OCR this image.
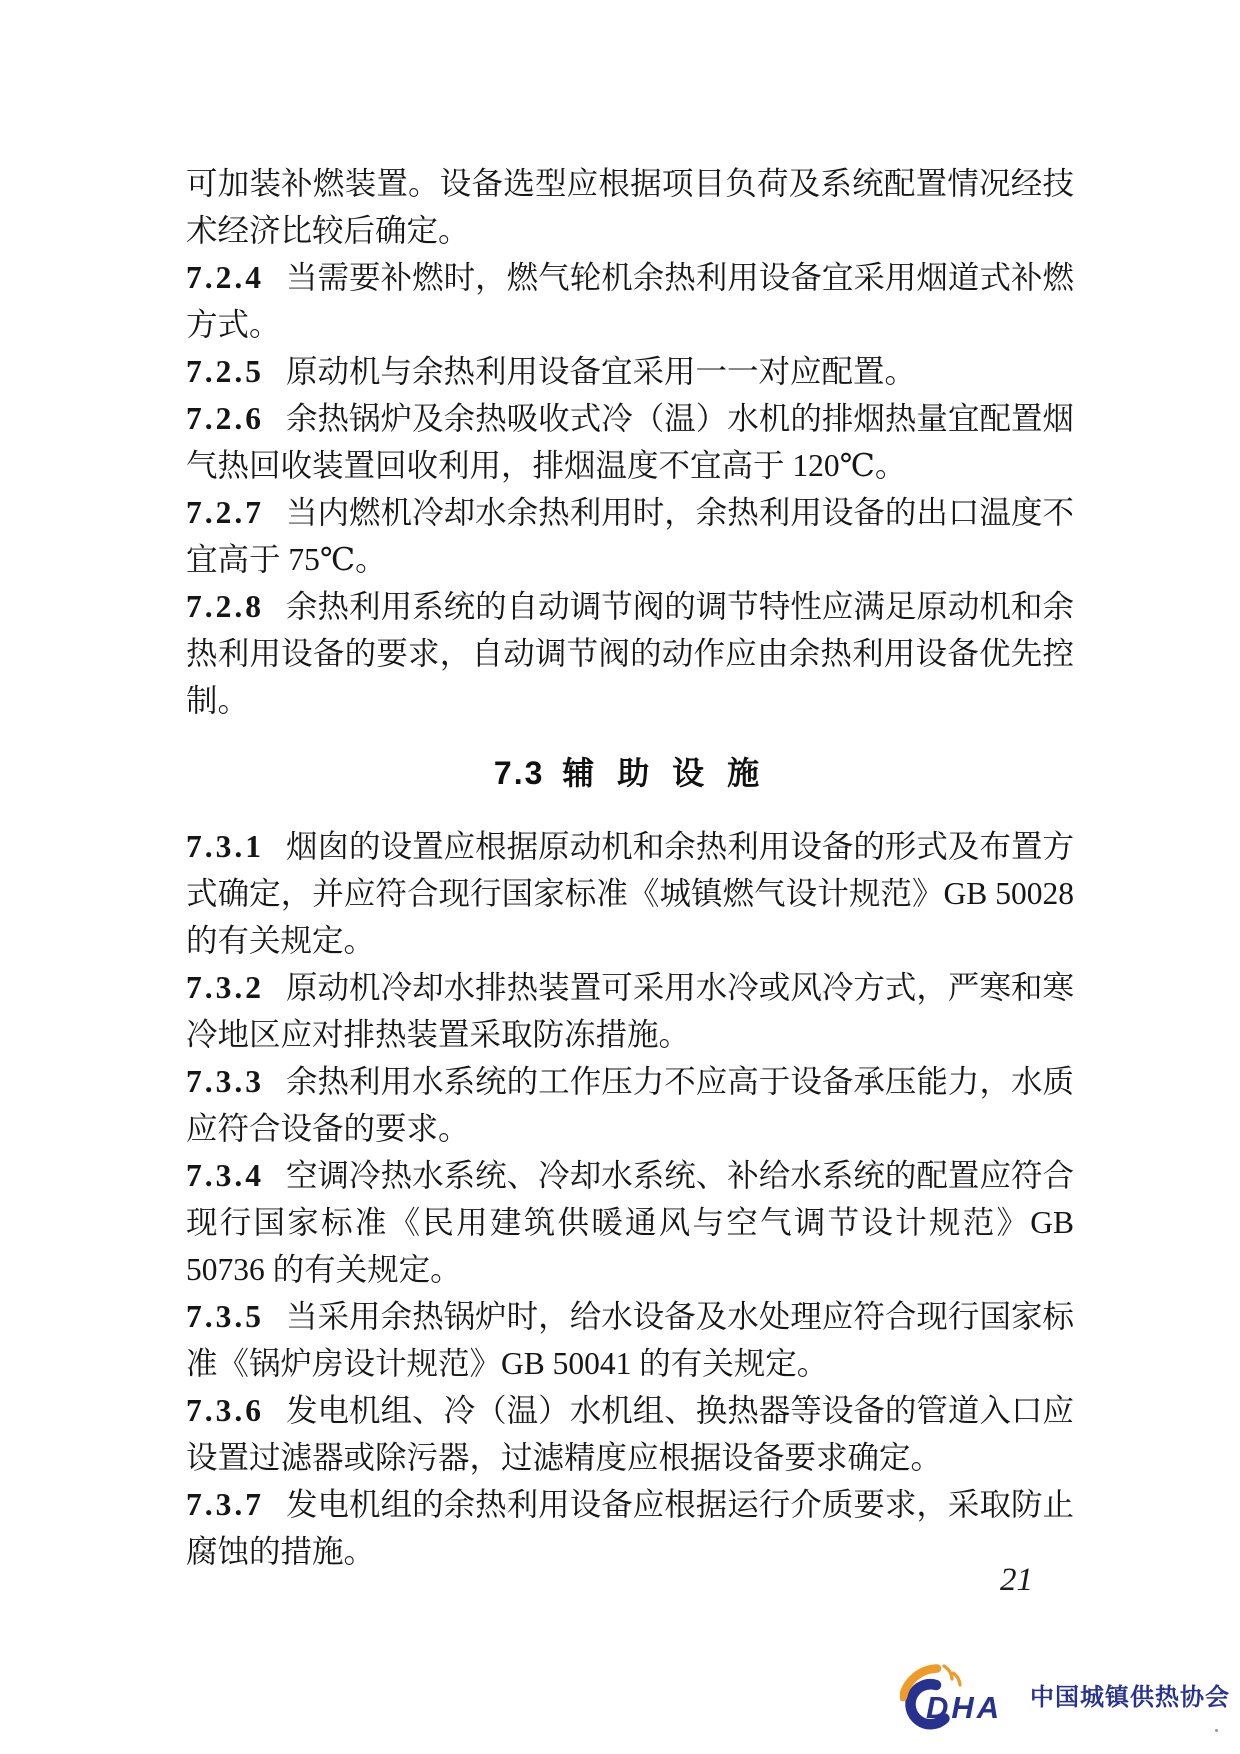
可加装补燃装置。设备选型应根据项目负荷及系统配置情况经技术经济比较后确定。

7.2.4 当需要补燃时，燃气轮机余热利用设备宜采用烟道式补燃方式。

7.2.5 原动机与余热利用设备宜采用一一对应配置。

7.2.6 余热锅炉及余热吸收式冷（温）水机的排烟热量宜配置烟气热回收装置回收利用，排烟温度不宜高于 120℃。

7.2.7 当内燃机冷却水余热利用时，余热利用设备的出口温度不宜高于 75℃。

7.2.8 余热利用系统的自动调节阀的调节特性应满足原动机和余热利用设备的要求，自动调节阀的动作应由余热利用设备优先控制。

7.3 辅 助 设 施

7.3.1 烟囱的设置应根据原动机和余热利用设备的形式及布置方式确定，并应符合现行国家标准《城镇燃气设计规范》GB 50028 的有关规定。

7.3.2 原动机冷却水排热装置可采用水冷或风冷方式，严寒和寒冷地区应对排热装置采取防冻措施。

7.3.3 余热利用水系统的工作压力不应高于设备承压能力，水质应符合设备的要求。

7.3.4 空调冷热水系统、冷却水系统、补给水系统的配置应符合现行国家标准《民用建筑供暖通风与空气调节设计规范》GB 50736 的有关规定。

7.3.5 当采用余热锅炉时，给水设备及水处理应符合现行国家标准《锅炉房设计规范》GB 50041 的有关规定。

7.3.6 发电机组、冷（温）水机组、换热器等设备的管道入口应设置过滤器或除污器，过滤精度应根据设备要求确定。

7.3.7 发电机组的余热利用设备应根据运行介质要求，采取防止腐蚀的措施。

21
DHA 中国城镇供热协会
